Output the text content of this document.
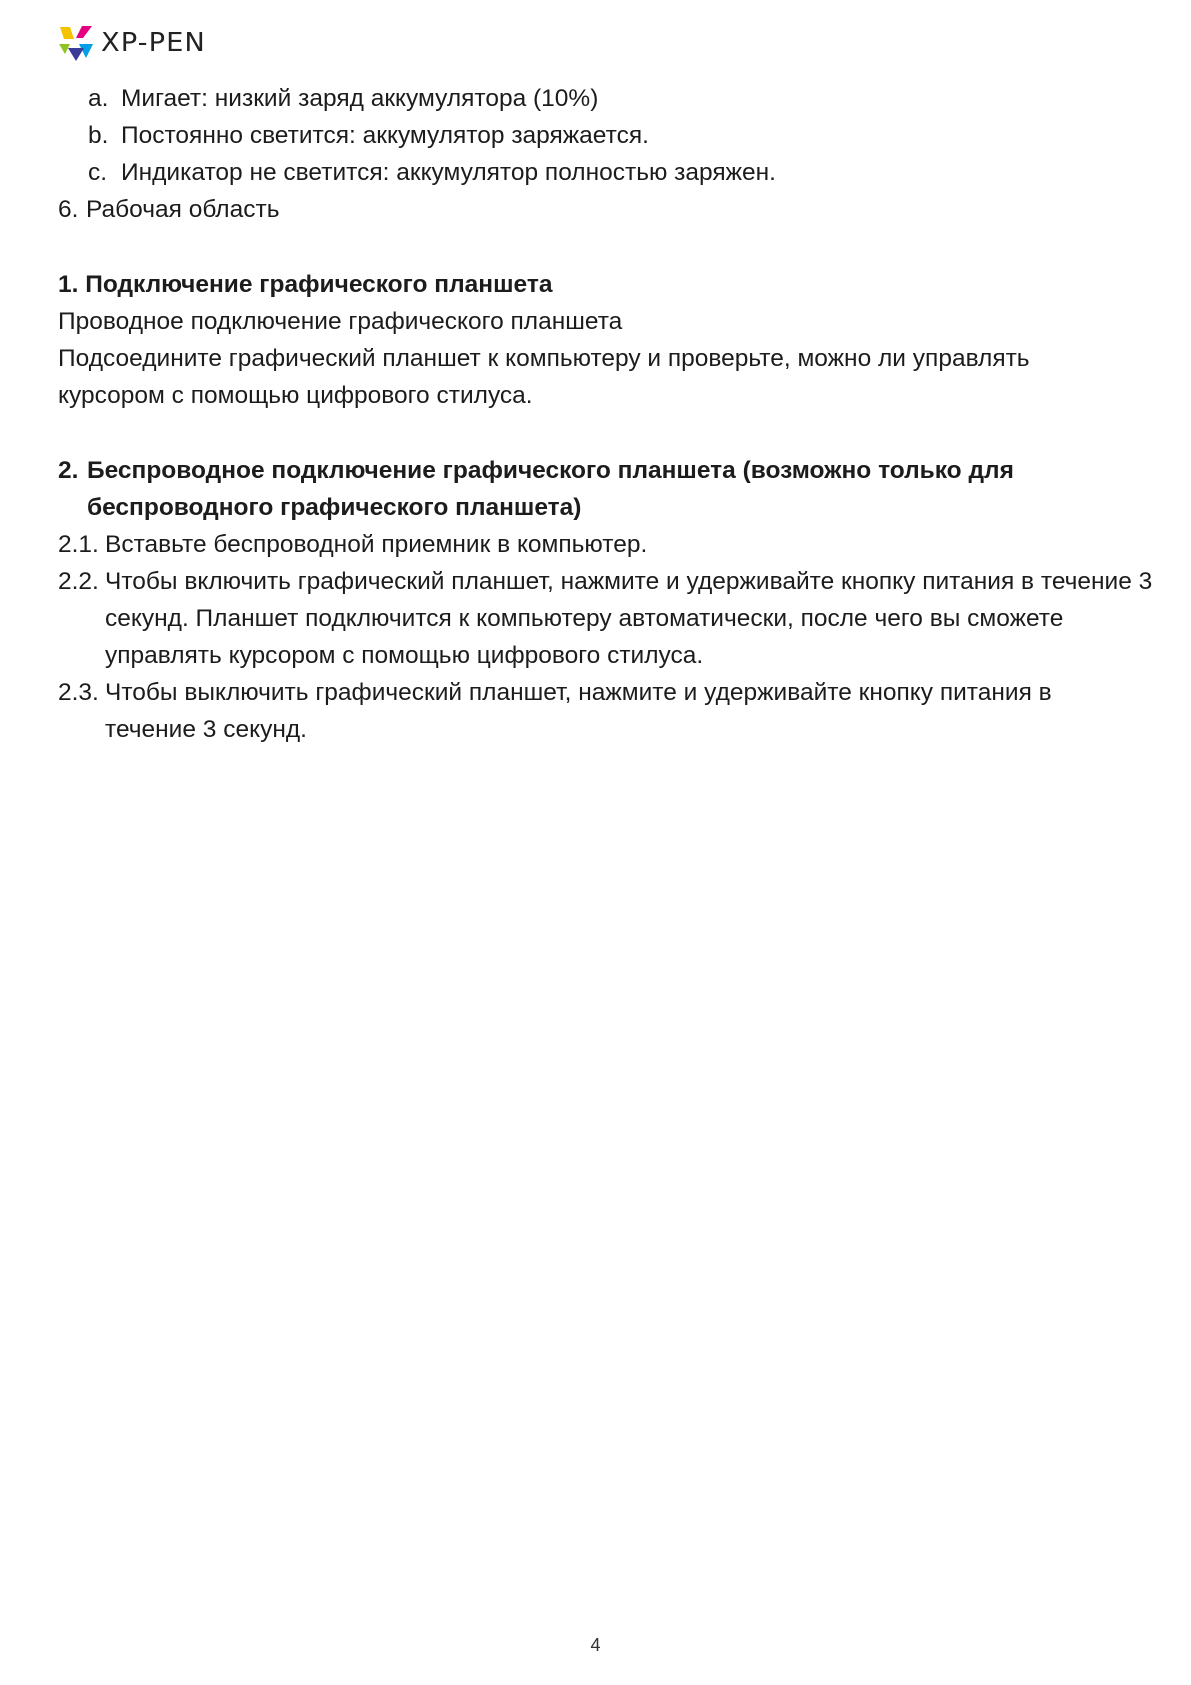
XP-PEN
a. Мигает: низкий заряд аккумулятора (10%)
b. Постоянно светится: аккумулятор заряжается.
c. Индикатор не светится: аккумулятор полностью заряжен.
6. Рабочая область
1. Подключение графического планшета
Проводное подключение графического планшета
Подсоедините графический планшет к компьютеру и проверьте, можно ли управлять курсором с помощью цифрового стилуса.
2. Беспроводное подключение графического планшета (возможно только для беспроводного графического планшета)
2.1. Вставьте беспроводной приемник в компьютер.
2.2. Чтобы включить графический планшет, нажмите и удерживайте кнопку питания в течение 3 секунд. Планшет подключится к компьютеру автоматически, после чего вы сможете управлять курсором с помощью цифрового стилуса.
2.3. Чтобы выключить графический планшет, нажмите и удерживайте кнопку питания в течение 3 секунд.
4
